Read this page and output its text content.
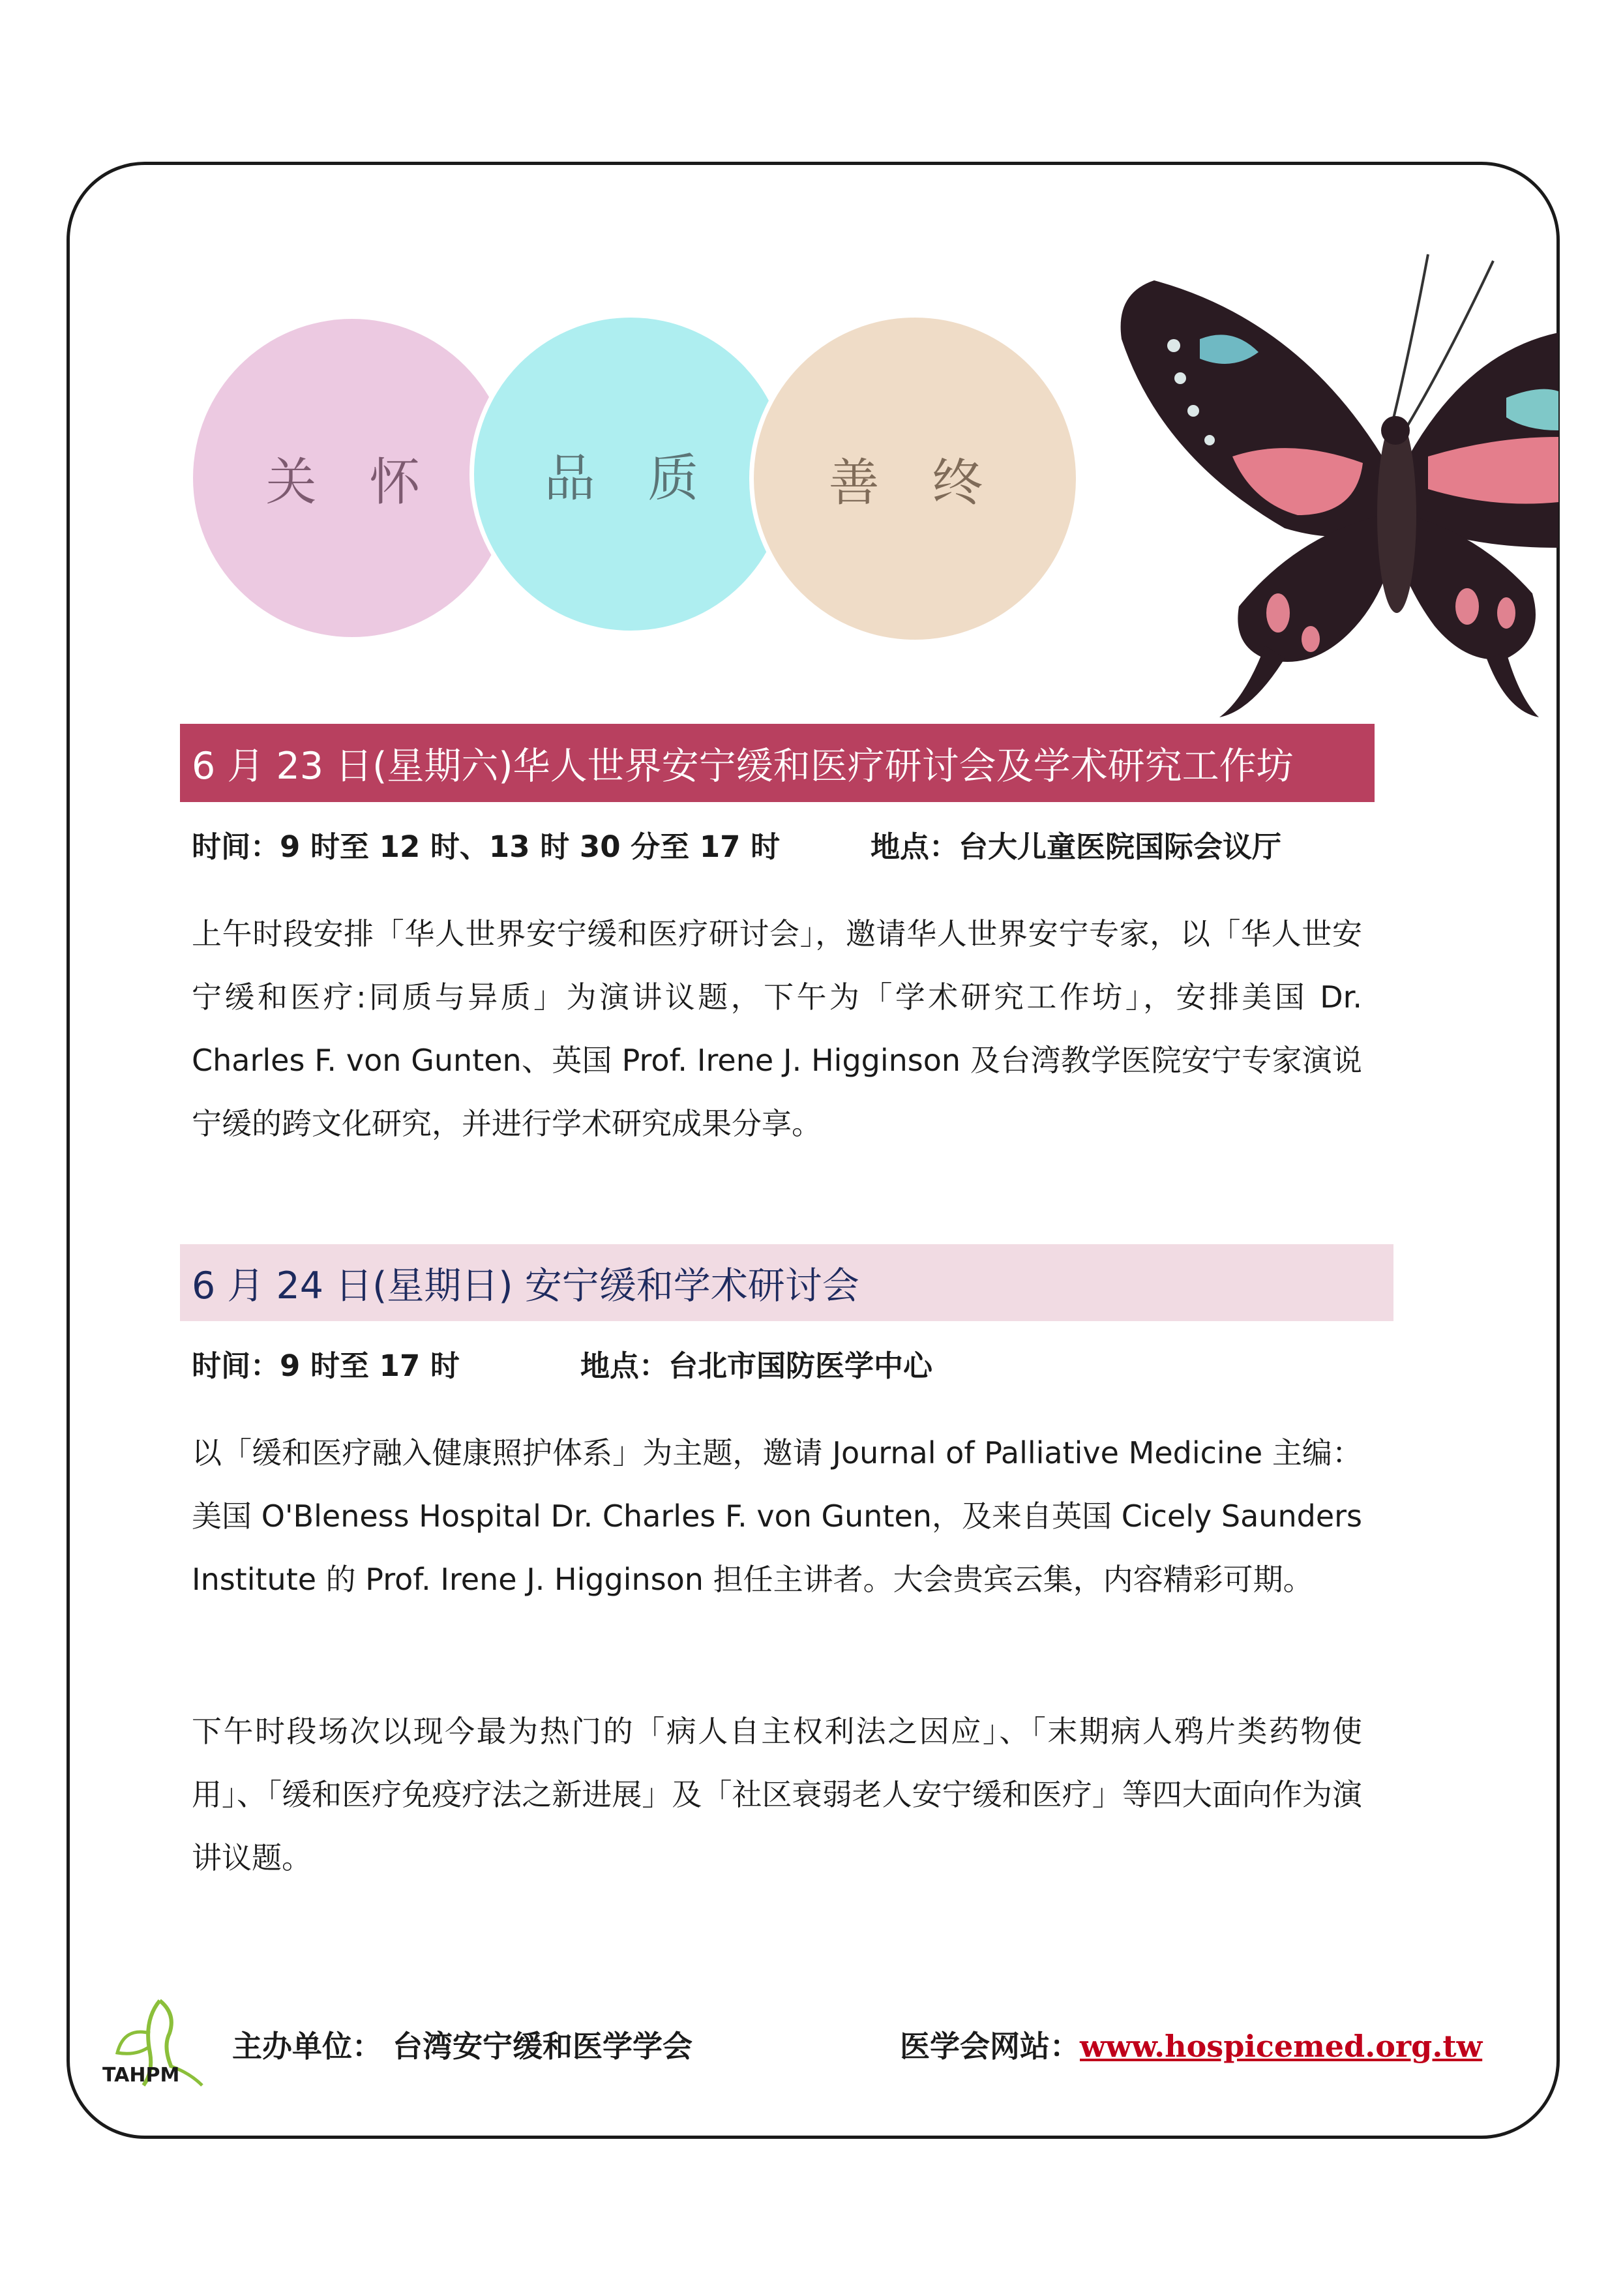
关 怀 品 质 善 终
6 月 23 日(星期六)华人世界安宁缓和医疗研讨会及学术研究工作坊
时间：9 时至 12 时、13 时 30 分至 17 时	地点：台大儿童医院国际会议厅

上午时段安排「华人世界安宁缓和医疗研讨会」，邀请华人世界安宁专家，以「华人世安宁缓和医疗:同质与异质」为演讲议题，下午为「学术研究工作坊」，安排美国 Dr. Charles F. von Gunten、英国 Prof. Irene J. Higginson 及台湾教学医院安宁专家演说宁缓的跨文化研究，并进行学术研究成果分享。

6 月 24 日(星期日) 安宁缓和学术研讨会
时间：9 时至 17 时	地点：台北市国防医学中心

以「缓和医疗融入健康照护体系」为主题，邀请 Journal of Palliative Medicine 主编：美国 O'Bleness Hospital Dr. Charles F. von Gunten，及来自英国 Cicely Saunders Institute 的 Prof. Irene J. Higginson 担任主讲者。大会贵宾云集，内容精彩可期。

下午时段场次以现今最为热门的「病人自主权利法之因应」、「末期病人鸦片类药物使用」、「缓和医疗免疫疗法之新进展」及「社区衰弱老人安宁缓和医疗」等四大面向作为演讲议题。

TAHPM
主办单位： 台湾安宁缓和医学学会	医学会网站：www.hospicemed.org.tw
